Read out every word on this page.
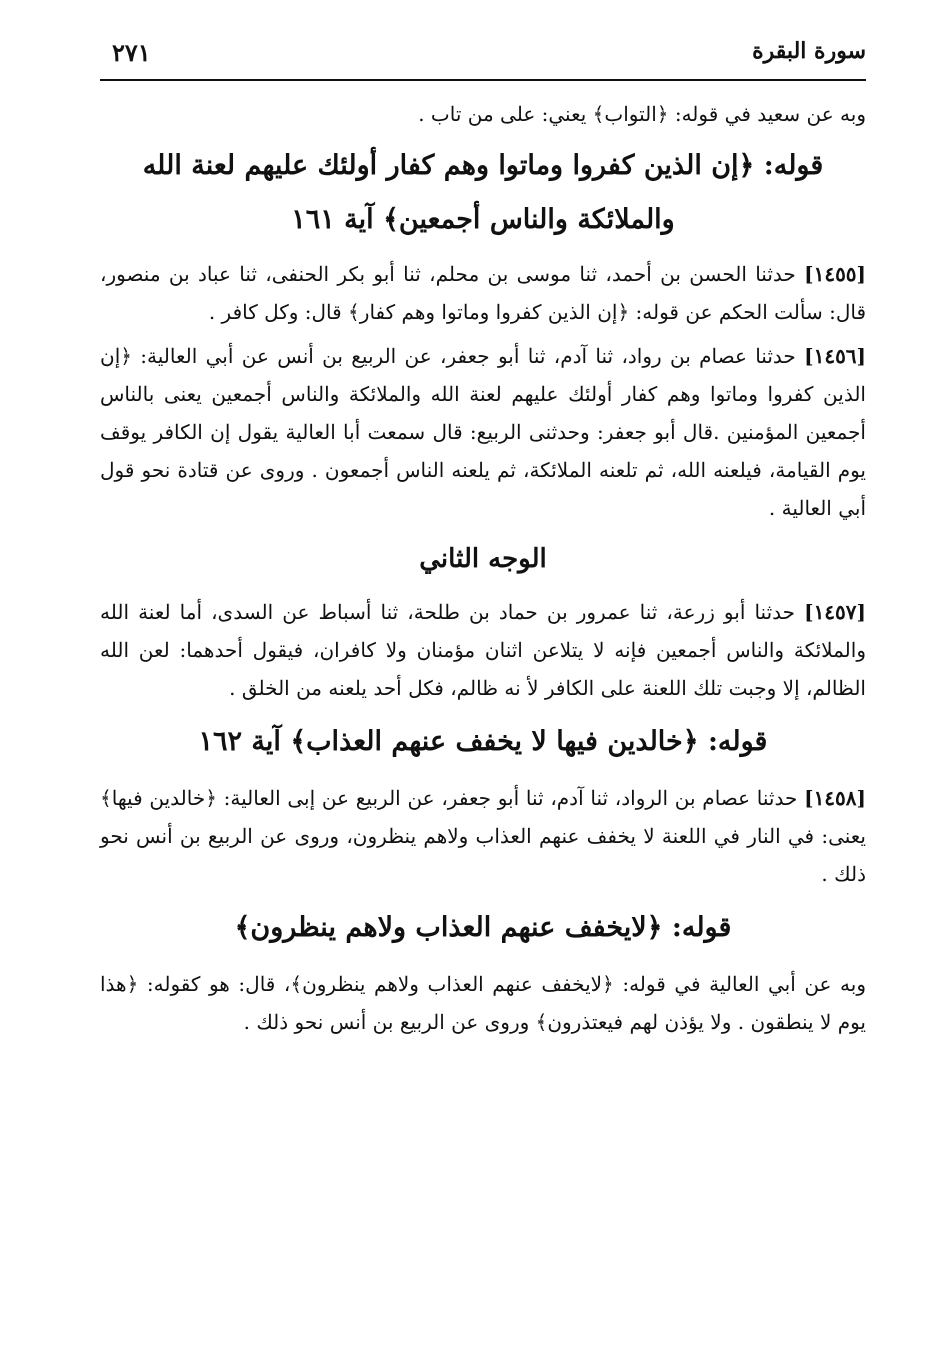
سورة البقرة
٢٧١

وبه عن سعيد في قوله: ﴿التواب﴾ يعني: على من تاب .

قوله: ﴿إن الذين كفروا وماتوا وهم كفار أولئك عليهم لعنة الله والملائكة والناس أجمعين﴾ آية ١٦١

[١٤٥٥] حدثنا الحسن بن أحمد، ثنا موسى بن محلم، ثنا أبو بكر الحنفى، ثنا عباد بن منصور، قال: سألت الحكم عن قوله: ﴿إن الذين كفروا وماتوا وهم كفار﴾ قال: وكل كافر .

[١٤٥٦] حدثنا عصام بن رواد، ثنا آدم، ثنا أبو جعفر، عن الربيع بن أنس عن أبي العالية: ﴿إن الذين كفروا وماتوا وهم كفار أولئك عليهم لعنة الله والملائكة والناس أجمعين يعنى بالناس أجمعين المؤمنين .قال أبو جعفر: وحدثنى الربيع: قال سمعت أبا العالية يقول إن الكافر يوقف يوم القيامة، فيلعنه الله، ثم تلعنه الملائكة، ثم يلعنه الناس أجمعون . وروى عن قتادة نحو قول أبي العالية .

الوجه الثاني

[١٤٥٧] حدثنا أبو زرعة، ثنا عمرور بن حماد بن طلحة، ثنا أسباط عن السدى، أما لعنة الله والملائكة والناس أجمعين فإنه لا يتلاعن اثنان مؤمنان ولا كافران، فيقول أحدهما: لعن الله الظالم، إلا وجبت تلك اللعنة على الكافر لأ نه ظالم، فكل أحد يلعنه من الخلق .

قوله: ﴿خالدين فيها لا يخفف عنهم العذاب﴾ آية ١٦٢

[١٤٥٨] حدثنا عصام بن الرواد، ثنا آدم، ثنا أبو جعفر، عن الربيع عن إبى العالية: ﴿خالدين فيها﴾ يعنى: في النار في اللعنة لا يخفف عنهم العذاب ولاهم ينظرون، وروى عن الربيع بن أنس نحو ذلك .

قوله: ﴿لايخفف عنهم العذاب ولاهم ينظرون﴾

وبه عن أبي العالية في قوله: ﴿لايخفف عنهم العذاب ولاهم ينظرون﴾، قال: هو كقوله: ﴿هذا يوم لا ينطقون . ولا يؤذن لهم فيعتذرون﴾ وروى عن الربيع بن أنس نحو ذلك .
